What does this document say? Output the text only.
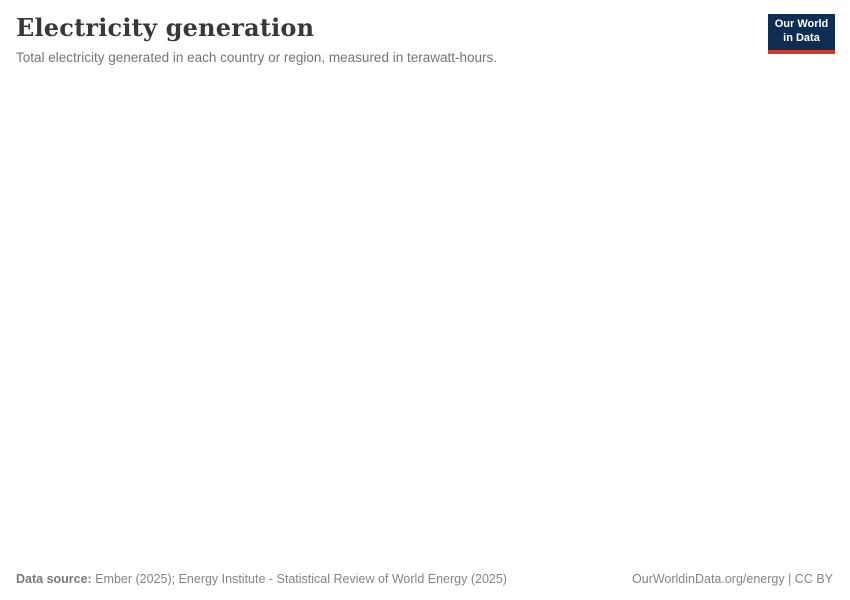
Electricity generation
Total electricity generated in each country or region, measured in terawatt-hours.
Our World
in Data
Data source: Ember (2025); Energy Institute - Statistical Review of World Energy (2025)	OurWorldinData.org/energy | CC BY
